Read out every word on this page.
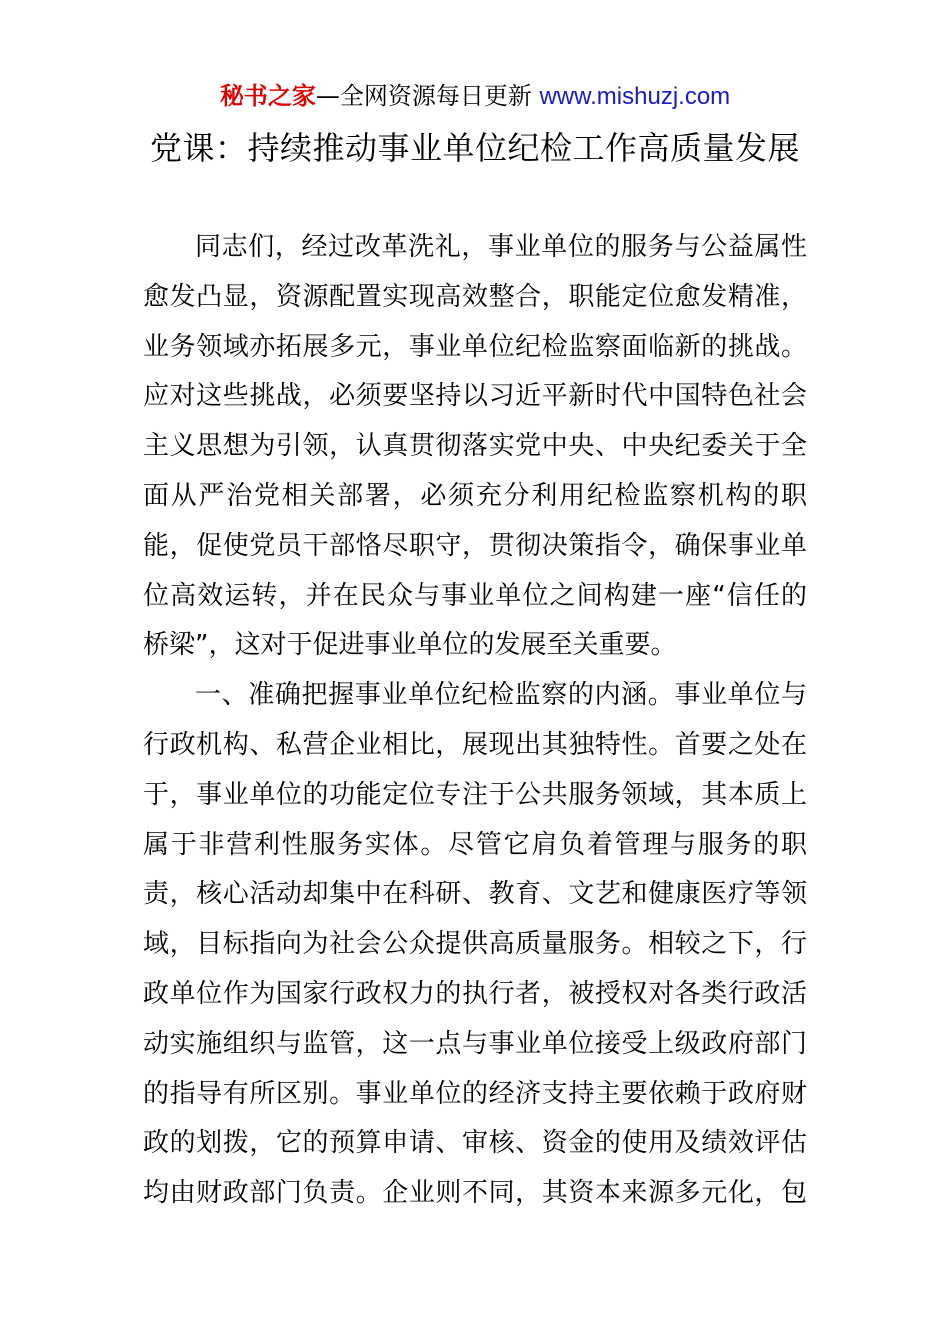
秘书之家—全网资源每日更新 www.mishuzj.com
党课：持续推动事业单位纪检工作高质量发展
同志们，经过改革洗礼，事业单位的服务与公益属性
愈发凸显，资源配置实现高效整合，职能定位愈发精准，
业务领域亦拓展多元，事业单位纪检监察面临新的挑战。
应对这些挑战，必须要坚持以习近平新时代中国特色社会
主义思想为引领，认真贯彻落实党中央、中央纪委关于全
面从严治党相关部署，必须充分利用纪检监察机构的职
能，促使党员干部恪尽职守，贯彻决策指令，确保事业单
位高效运转，并在民众与事业单位之间构建一座“信任的
桥梁”，这对于促进事业单位的发展至关重要。
一、准确把握事业单位纪检监察的内涵。事业单位与
行政机构、私营企业相比，展现出其独特性。首要之处在
于，事业单位的功能定位专注于公共服务领域，其本质上
属于非营利性服务实体。尽管它肩负着管理与服务的职
责，核心活动却集中在科研、教育、文艺和健康医疗等领
域，目标指向为社会公众提供高质量服务。相较之下，行
政单位作为国家行政权力的执行者，被授权对各类行政活
动实施组织与监管，这一点与事业单位接受上级政府部门
的指导有所区别。事业单位的经济支持主要依赖于政府财
政的划拨，它的预算申请、审核、资金的使用及绩效评估
均由财政部门负责。企业则不同，其资本来源多元化，包
